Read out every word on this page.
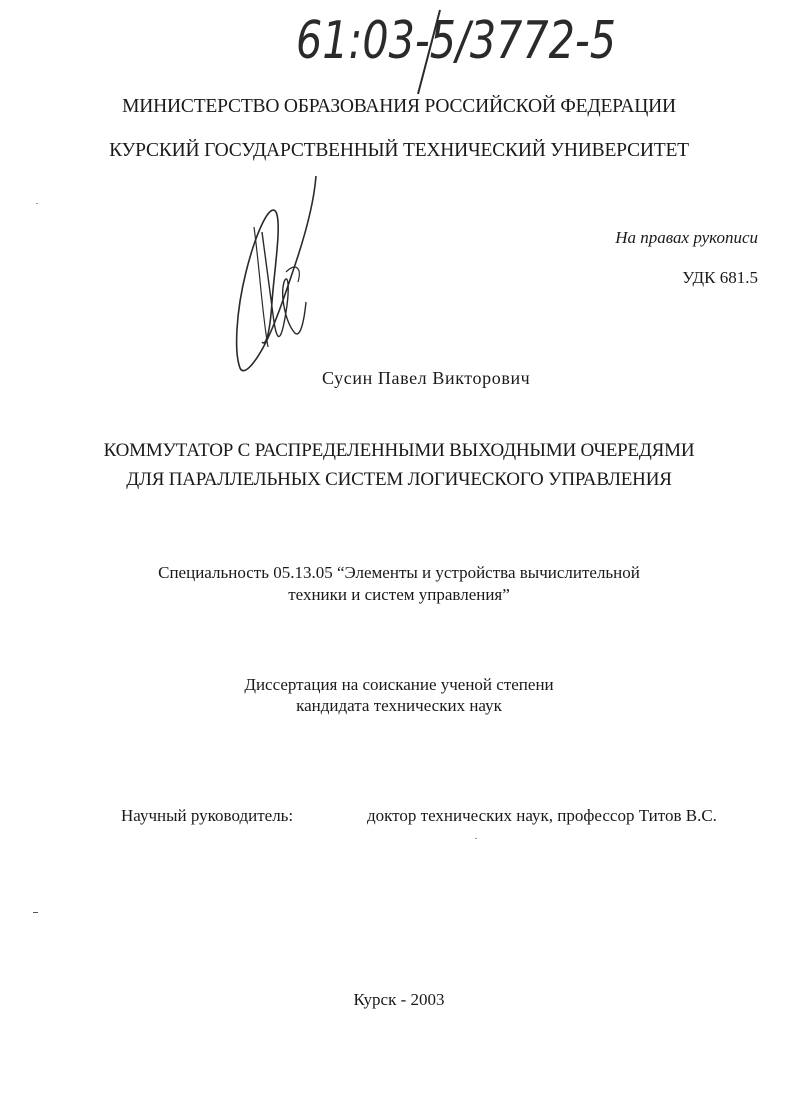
61:03-5/3772-5
МИНИСТЕРСТВО ОБРАЗОВАНИЯ РОССИЙСКОЙ ФЕДЕРАЦИИ
КУРСКИЙ ГОСУДАРСТВЕННЫЙ ТЕХНИЧЕСКИЙ УНИВЕРСИТЕТ
На правах рукописи
УДК 681.5
Сусин Павел Викторович
КОММУТАТОР С РАСПРЕДЕЛЕННЫМИ ВЫХОДНЫМИ ОЧЕРЕДЯМИ
ДЛЯ ПАРАЛЛЕЛЬНЫХ СИСТЕМ ЛОГИЧЕСКОГО УПРАВЛЕНИЯ
Специальность 05.13.05 “Элементы и устройства вычислительной
техники и систем управления”
Диссертация на соискание ученой степени
кандидата технических наук
Научный руководитель:	доктор технических наук, профессор Титов В.С.
Курск - 2003
